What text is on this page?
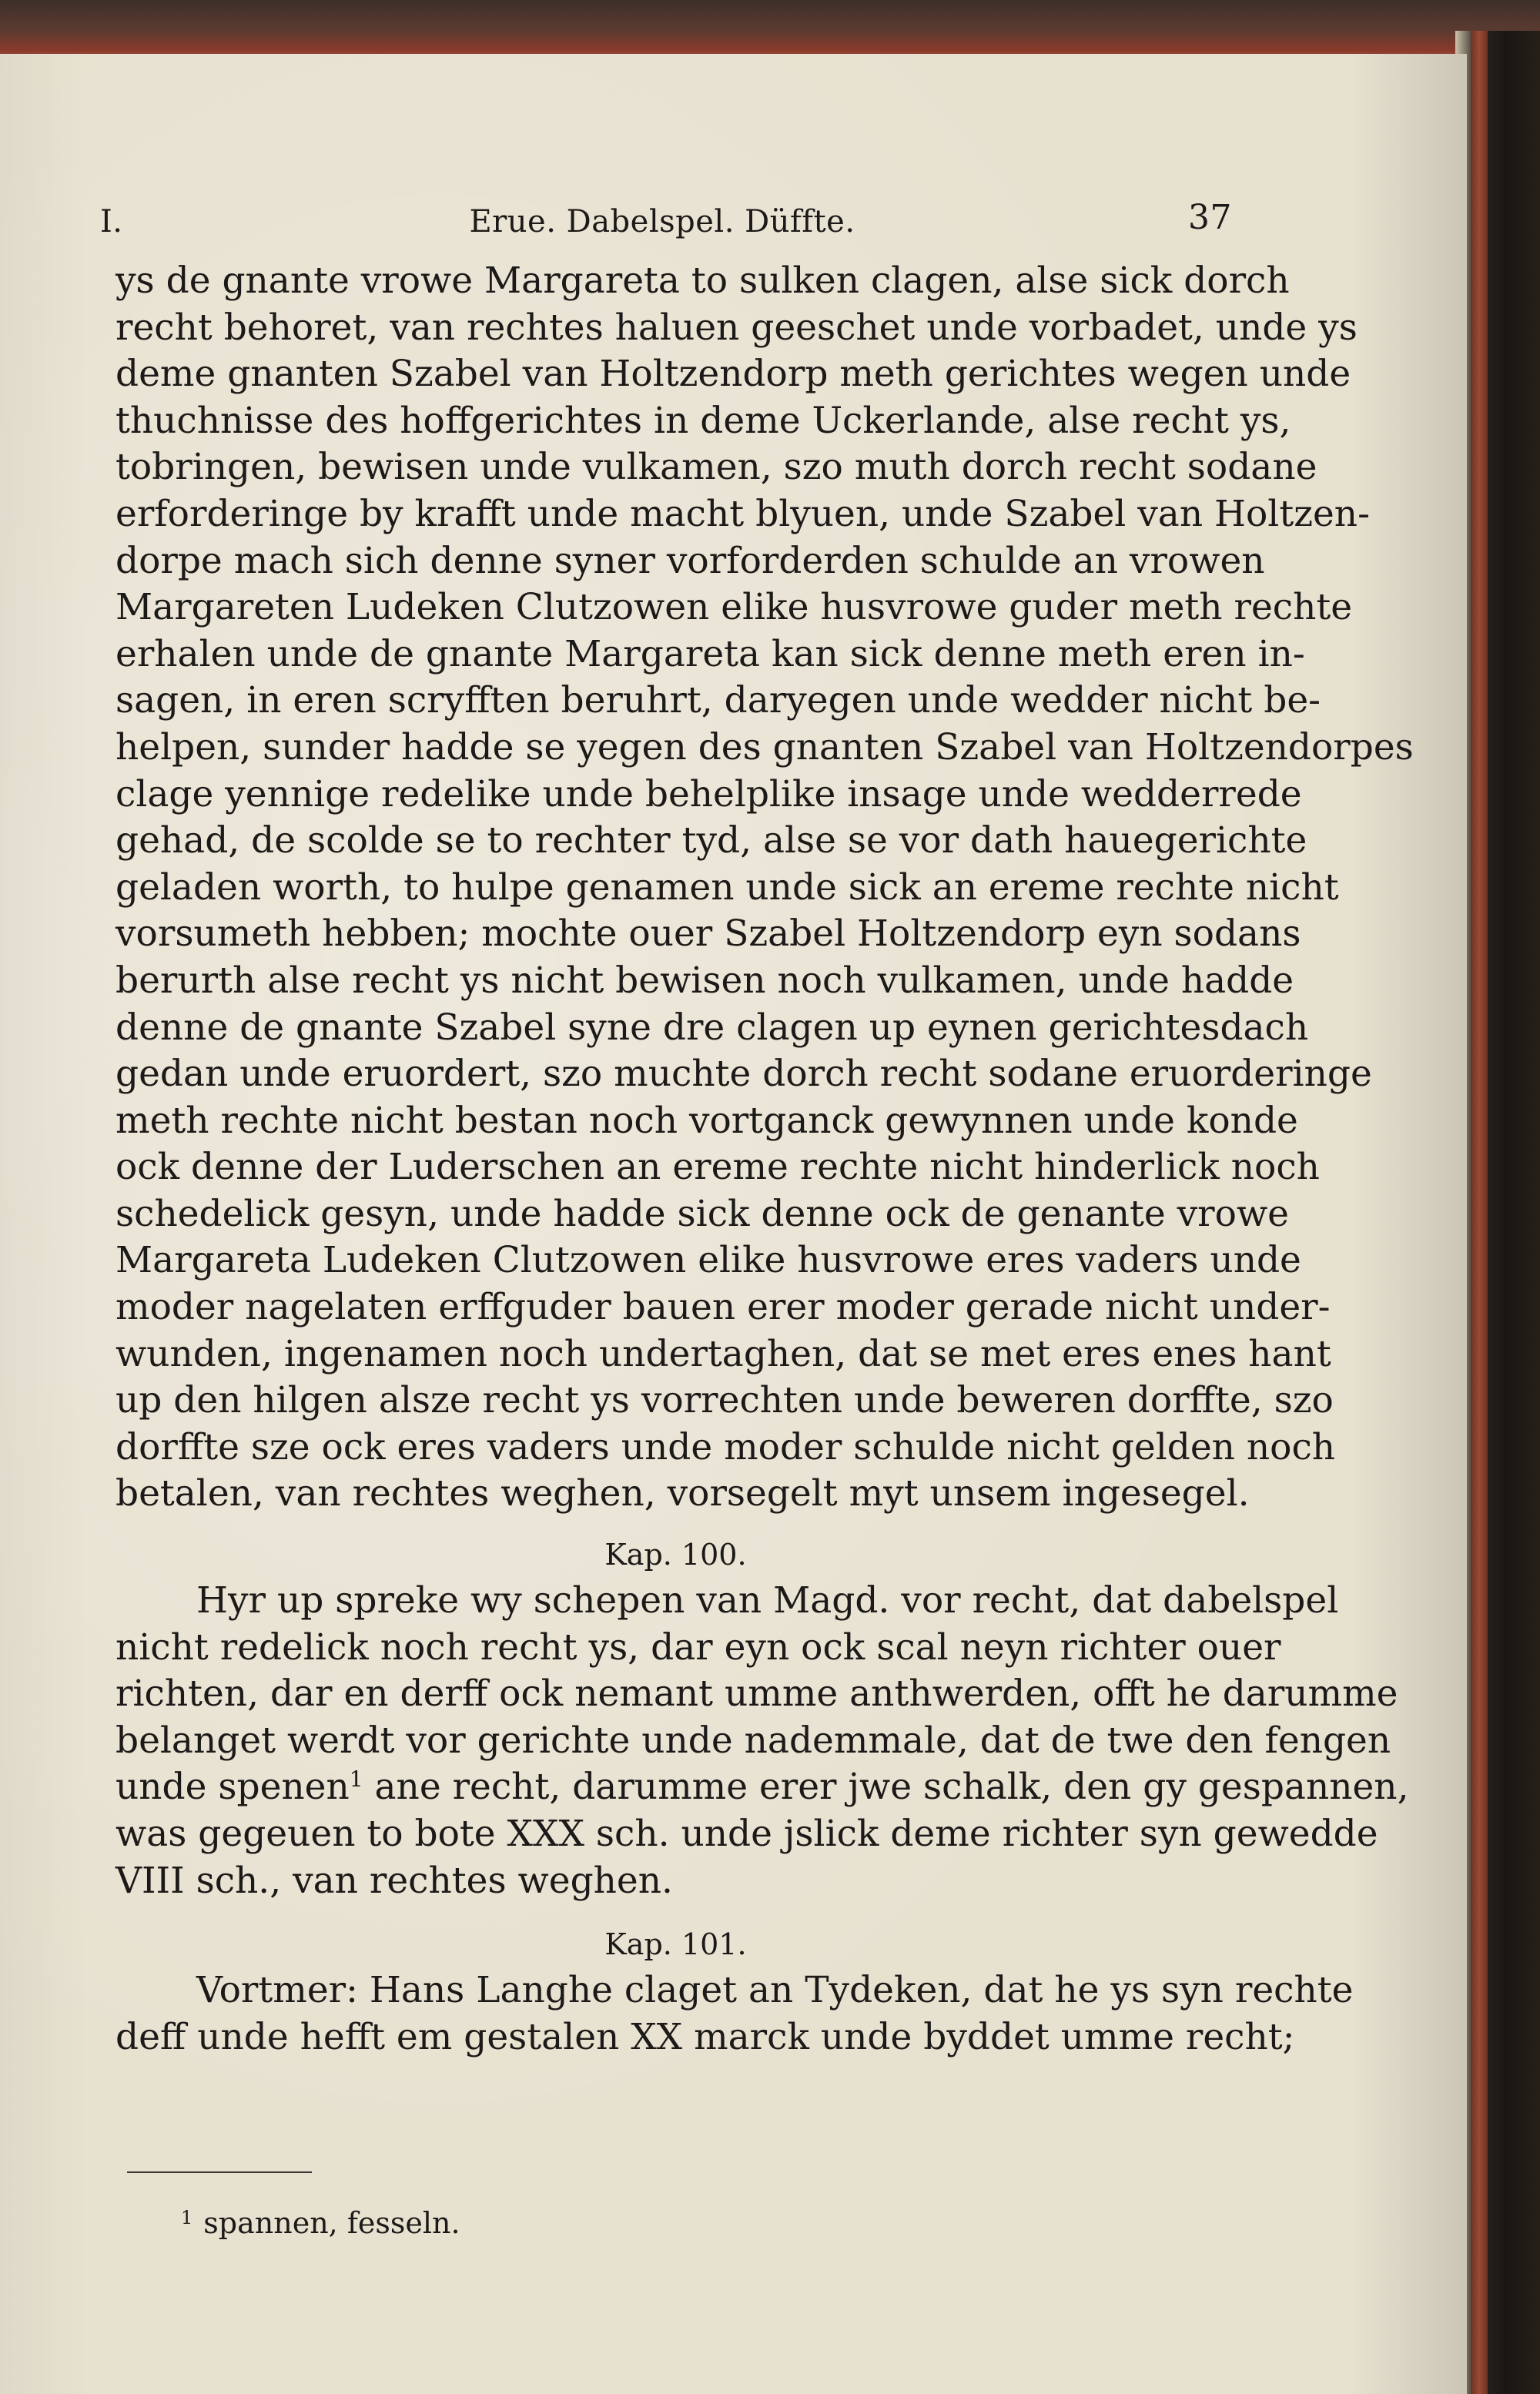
I.	Erue. Dabelspel. Düffte.	37
ys de gnante vrowe Margareta to sulken clagen, alse sick dorch
recht behoret, van rechtes haluen geeschet unde vorbadet, unde ys
deme gnanten Szabel van Holtzendorp meth gerichtes wegen unde
thuchnisse des hoffgerichtes in deme Uckerlande, alse recht ys,
tobringen, bewisen unde vulkamen, szo muth dorch recht sodane
erforderinge by krafft unde macht blyuen, unde Szabel van Holtzen-
dorpe mach sich denne syner vorforderden schulde an vrowen
Margareten Ludeken Clutzowen elike husvrowe guder meth rechte
erhalen unde de gnante Margareta kan sick denne meth eren in-
sagen, in eren scryfften beruhrt, daryegen unde wedder nicht be-
helpen, sunder hadde se yegen des gnanten Szabel van Holtzendorpes
clage yennige redelike unde behelplike insage unde wedderrede
gehad, de scolde se to rechter tyd, alse se vor dath hauegerichte
geladen worth, to hulpe genamen unde sick an ereme rechte nicht
vorsumeth hebben; mochte ouer Szabel Holtzendorp eyn sodans
berurth alse recht ys nicht bewisen noch vulkamen, unde hadde
denne de gnante Szabel syne dre clagen up eynen gerichtesdach
gedan unde eruordert, szo muchte dorch recht sodane eruorderinge
meth rechte nicht bestan noch vortganck gewynnen unde konde
ock denne der Luderschen an ereme rechte nicht hinderlick noch
schedelick gesyn, unde hadde sick denne ock de genante vrowe
Margareta Ludeken Clutzowen elike husvrowe eres vaders unde
moder nagelaten erffguder bauen erer moder gerade nicht under-
wunden, ingenamen noch undertaghen, dat se met eres enes hant
up den hilgen alsze recht ys vorrechten unde beweren dorffte, szo
dorffte sze ock eres vaders unde moder schulde nicht gelden noch
betalen, van rechtes weghen, vorsegelt myt unsem ingesegel.
Kap. 100.
Hyr up spreke wy schepen van Magd. vor recht, dat dabelspel
nicht redelick noch recht ys, dar eyn ock scal neyn richter ouer
richten, dar en derff ock nemant umme anthwerden, offt he darumme
belanget werdt vor gerichte unde nademmale, dat de twe den fengen
unde spenen$^1$ ane recht, darumme erer jwe schalk, den gy gespannen,
was gegeuen to bote XXX sch. unde jslick deme richter syn gewedde
VIII sch., van rechtes weghen.
Kap. 101.
Vortmer: Hans Langhe claget an Tydeken, dat he ys syn rechte
deff unde hefft em gestalen XX marck unde byddet umme recht;
$^1$ spannen, fesseln.
